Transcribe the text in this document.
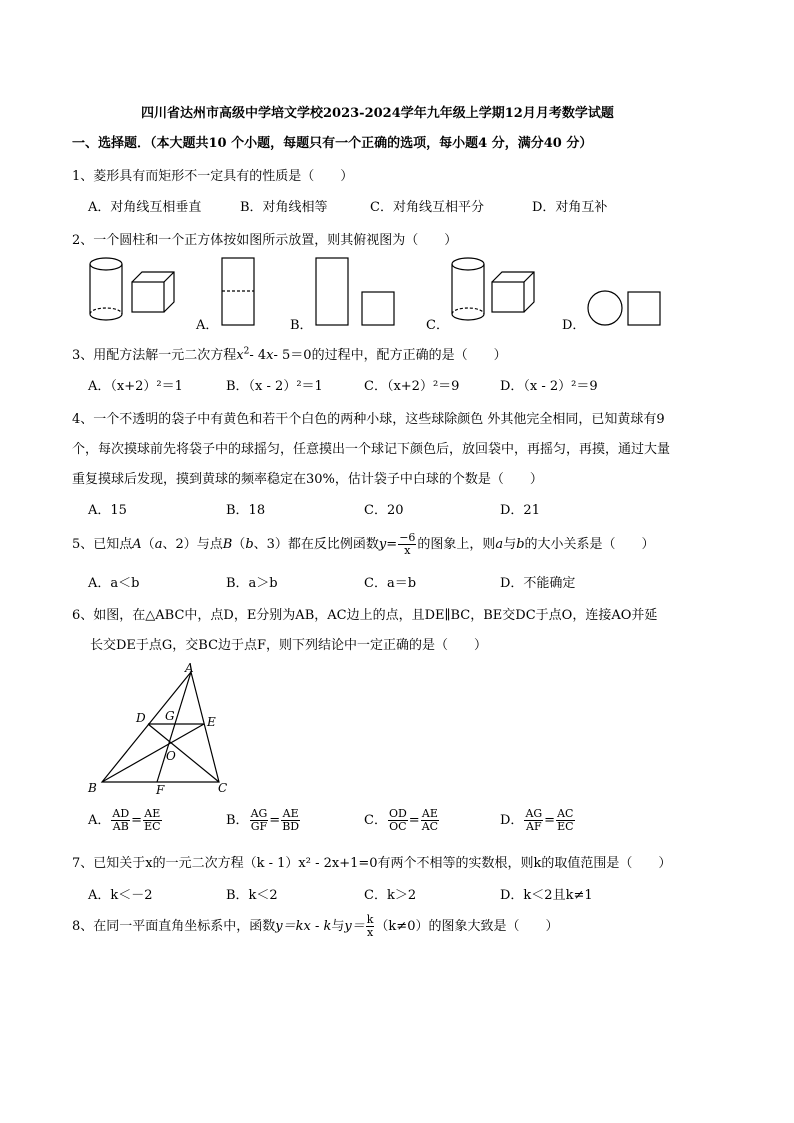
四川省达州市高级中学培文学校2023-2024学年九年级上学期12月月考数学试题
一、选择题．（本大题共10 个小题，每题只有一个正确的选项，每小题4 分，满分40 分）
1、菱形具有而矩形不一定具有的性质是（　　）
A．对角线互相垂直	B．对角线相等	C．对角线互相平分	D．对角互补
2、一个圆柱和一个正方体按如图所示放置，则其俯视图为（　　）
A．	B．	C．	D．
3、用配方法解一元二次方程$x^2-$ 4x- 5＝0的过程中，配方正确的是（　　）
A．（x+2）²＝1	B．（x - 2）²＝1	C．（x+2）²＝9	D．（x - 2）²＝9
4、一个不透明的袋子中有黄色和若干个白色的两种小球，这些球除颜色 外其他完全相同，已知黄球有9
个，每次摸球前先将袋子中的球摇匀，任意摸出一个球记下颜色后，放回袋中，再摇匀，再摸，通过大量
重复摸球后发现，摸到黄球的频率稳定在30%，估计袋子中白球的个数是（　　）
A．15	B．18	C．20	D．21
5、已知点A（a、2）与点B（b、3）都在反比例函数$y= \frac{-6}{x}$ 的图象上，则a与b的大小关系是（　　）
A．a＜b	B．a＞b	C．a＝b	D．不能确定
6、如图，在△ABC中，点D，E分别为AB，AC边上的点，且DE∥BC，BE交DC于点O，连接AO并延
长交DE于点G，交BC边于点F，则下列结论中一定正确的是（　　）
A
B	C
D	E
F
G
O
A． $\frac{AD}{AB} = \frac{AE}{EC}$	B． $\frac{AG}{GF} = \frac{AE}{BD}$	C． $\frac{OD}{OC} = \frac{AE}{AC}$	D． $\frac{AG}{AF} = \frac{AC}{EC}$
7、已知关于x的一元二次方程（k - 1）x² - 2x+1=0有两个不相等的实数根，则k的取值范围是（　　）
A．k＜－2	B．k＜2	C．k＞2	D．k＜2且k≠1
8、在同一平面直角坐标系中，函数y＝kx - k与$y= \frac{k}{x} (k\ne 0)$的图象大致是（　　）
